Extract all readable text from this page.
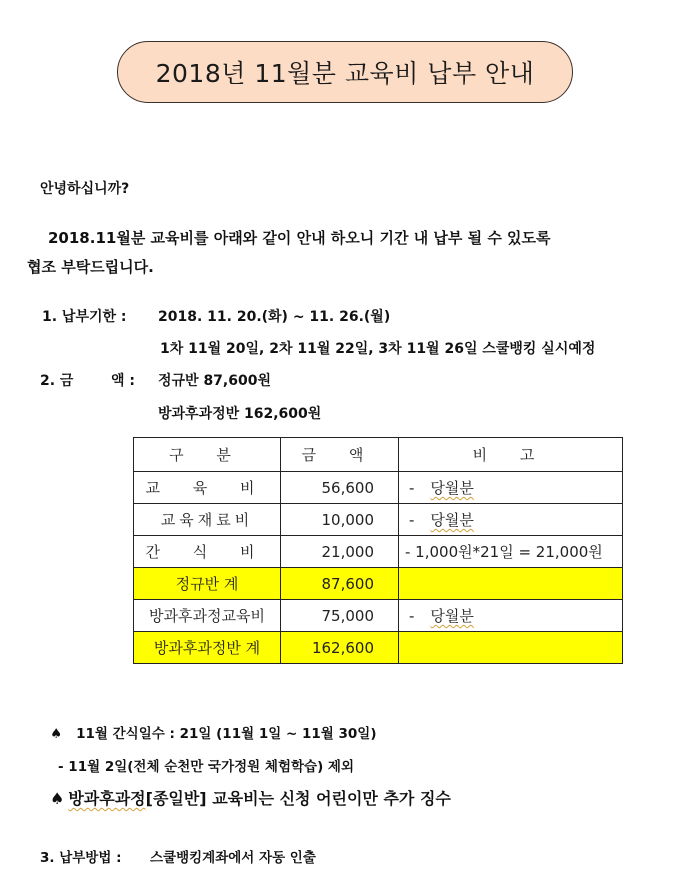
2018년 11월분 교육비 납부 안내
안녕하십니까?
2018.11월분 교육비를 아래와 같이 안내 하오니 기간 내 납부 될 수 있도록
협조 부탁드립니다.
1. 납부기한 : 2018. 11. 20.(화) ~ 11. 26.(월)
1차 11월 20일, 2차 11월 22일, 3차 11월 26일 스쿨뱅킹 실시예정
2. 금	액 : 정규반 87,600원
방과후과정반 162,600원
구 분	금 액	비 고
교 육 비	56,600	- 당월분
교육재료비	10,000	- 당월분
간 식 비	21,000	- 1,000원*21일 = 21,000원
정규반 계	87,600	
방과후과정교육비	75,000	- 당월분
방과후과정반 계	162,600	
♠ 11월 간식일수 : 21일 (11월 1일 ~ 11월 30일)
- 11월 2일(전체 순천만 국가정원 체험학습) 제외
♠ 방과후과정[종일반] 교육비는 신청 어린이만 추가 징수
3. 납부방법 : 스쿨뱅킹계좌에서 자동 인출
